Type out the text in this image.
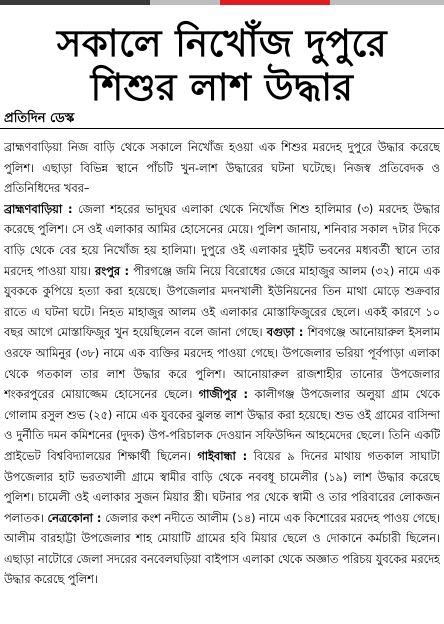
সকালে নিখোঁজ দুপুরে
শিশুর লাশ উদ্ধার
প্রতিদিন ডেস্ক

ব্রাহ্মণবাড়িয়া নিজ বাড়ি থেকে সকালে নিখোঁজ হওয়া এক শিশুর মরদেহ দুপুরে উদ্ধার করেছে পুলিশ। এছাড়া বিভিন্ন স্থানে পাঁচটি খুন-লাশ উদ্ধারের ঘটনা ঘটেছে। নিজস্ব প্রতিবেদক ও প্রতিনিধিদের খবর–

ব্রাহ্মণবাড়িয়া : জেলা শহরের ভাদুঘর এলাকা থেকে নিখোঁজ শিশু হালিমার (৩) মরদেহ উদ্ধার করেছে পুলিশ। সে ওই এলাকার আমির হোসেনের মেয়ে। পুলিশ জানায়, শনিবার সকাল ৭টার দিকে বাড়ি থেকে বের হয়ে নিখোঁজ হয় হালিমা। দুপুরে ওই এলাকার দুইটি ভবনের মধ্যবর্তী স্থানে তার মরদেহ পাওয়া যায়। রংপুর : পীরগঞ্জে জমি নিয়ে বিরোধের জেরে মাহাজুর আলম (৩২) নামে এক যুবককে কুপিয়ে হত্যা করা হয়েছে। উপজেলার মদনখালী ইউনিয়নের তিন মাথা মোড়ে শুক্রবার রাতে এ ঘটনা ঘটে। নিহত মাহাজুর আলম ওই এলাকার মোস্তাফিজুরের ছেলে। একই কারণে ১০ বছর আগে মোস্তাফিজুর খুন হয়েছিলেন বলে জানা গেছে। বগুড়া : শিবগঞ্জে আনোয়ারুল ইসলাম ওরফে আমিনুর (৩৮) নামে এক ব্যক্তির মরদেহ পাওয়া গেছে। উপজেলার ভরিয়া পূর্বপাড়া এলাকা থেকে গতকাল তার লাশ উদ্ধার করে পুলিশ। আনোয়ারুল রাজশাহীর তানোর উপজেলার শংকরপুরের মোয়াজ্জেম হোসেনের ছেলে। গাজীপুর : কালীগঞ্জ উপজেলার অলুয়া গ্রাম থেকে গোলাম রসুল শুভ (২৫) নামে এক যুবকের ঝুলন্ত লাশ উদ্ধার করা হয়েছে। শুভ ওই গ্রামের বাসিন্দা ও দুর্নীতি দমন কমিশনের (দুদক) উপ-পরিচালক দেওয়ান সফিউদ্দিন আহমেদের ছেলে। তিনি একটি প্রাইভেট বিশ্ববিদ্যালয়ের শিক্ষার্থী ছিলেন। গাইবান্ধা : বিয়ের ৯ দিনের মাথায় গতকাল সাঘাটা উপজেলার হাট ভরতখালী গ্রামে স্বামীর বাড়ি থেকে নববধূ চামেলীর (১৯) লাশ উদ্ধার করেছে পুলিশ। চামেলী ওই এলাকার সুজন মিয়ার স্ত্রী। ঘটনার পর থেকে স্বামী ও তার পরিবারের লোকজন পলাতক। নেত্রকোনা : জেলার কংশ নদীতে আলীম (১৪) নামে এক কিশোরের মরদেহ পাওয় গেছে। আলীম বারহাট্টা উপজেলার শাহ মোয়াটি গ্রামের হবি মিয়ার ছেলে ও দোকানে কর্মচারী ছিলেন। এছাড়া নাটোরে জেলা সদরের বনবেলঘড়িয়া বাইপাস এলাকা থেকে অজ্ঞাত পরিচয় যুবকের মরদেহ উদ্ধার করেছে পুলিশ।
